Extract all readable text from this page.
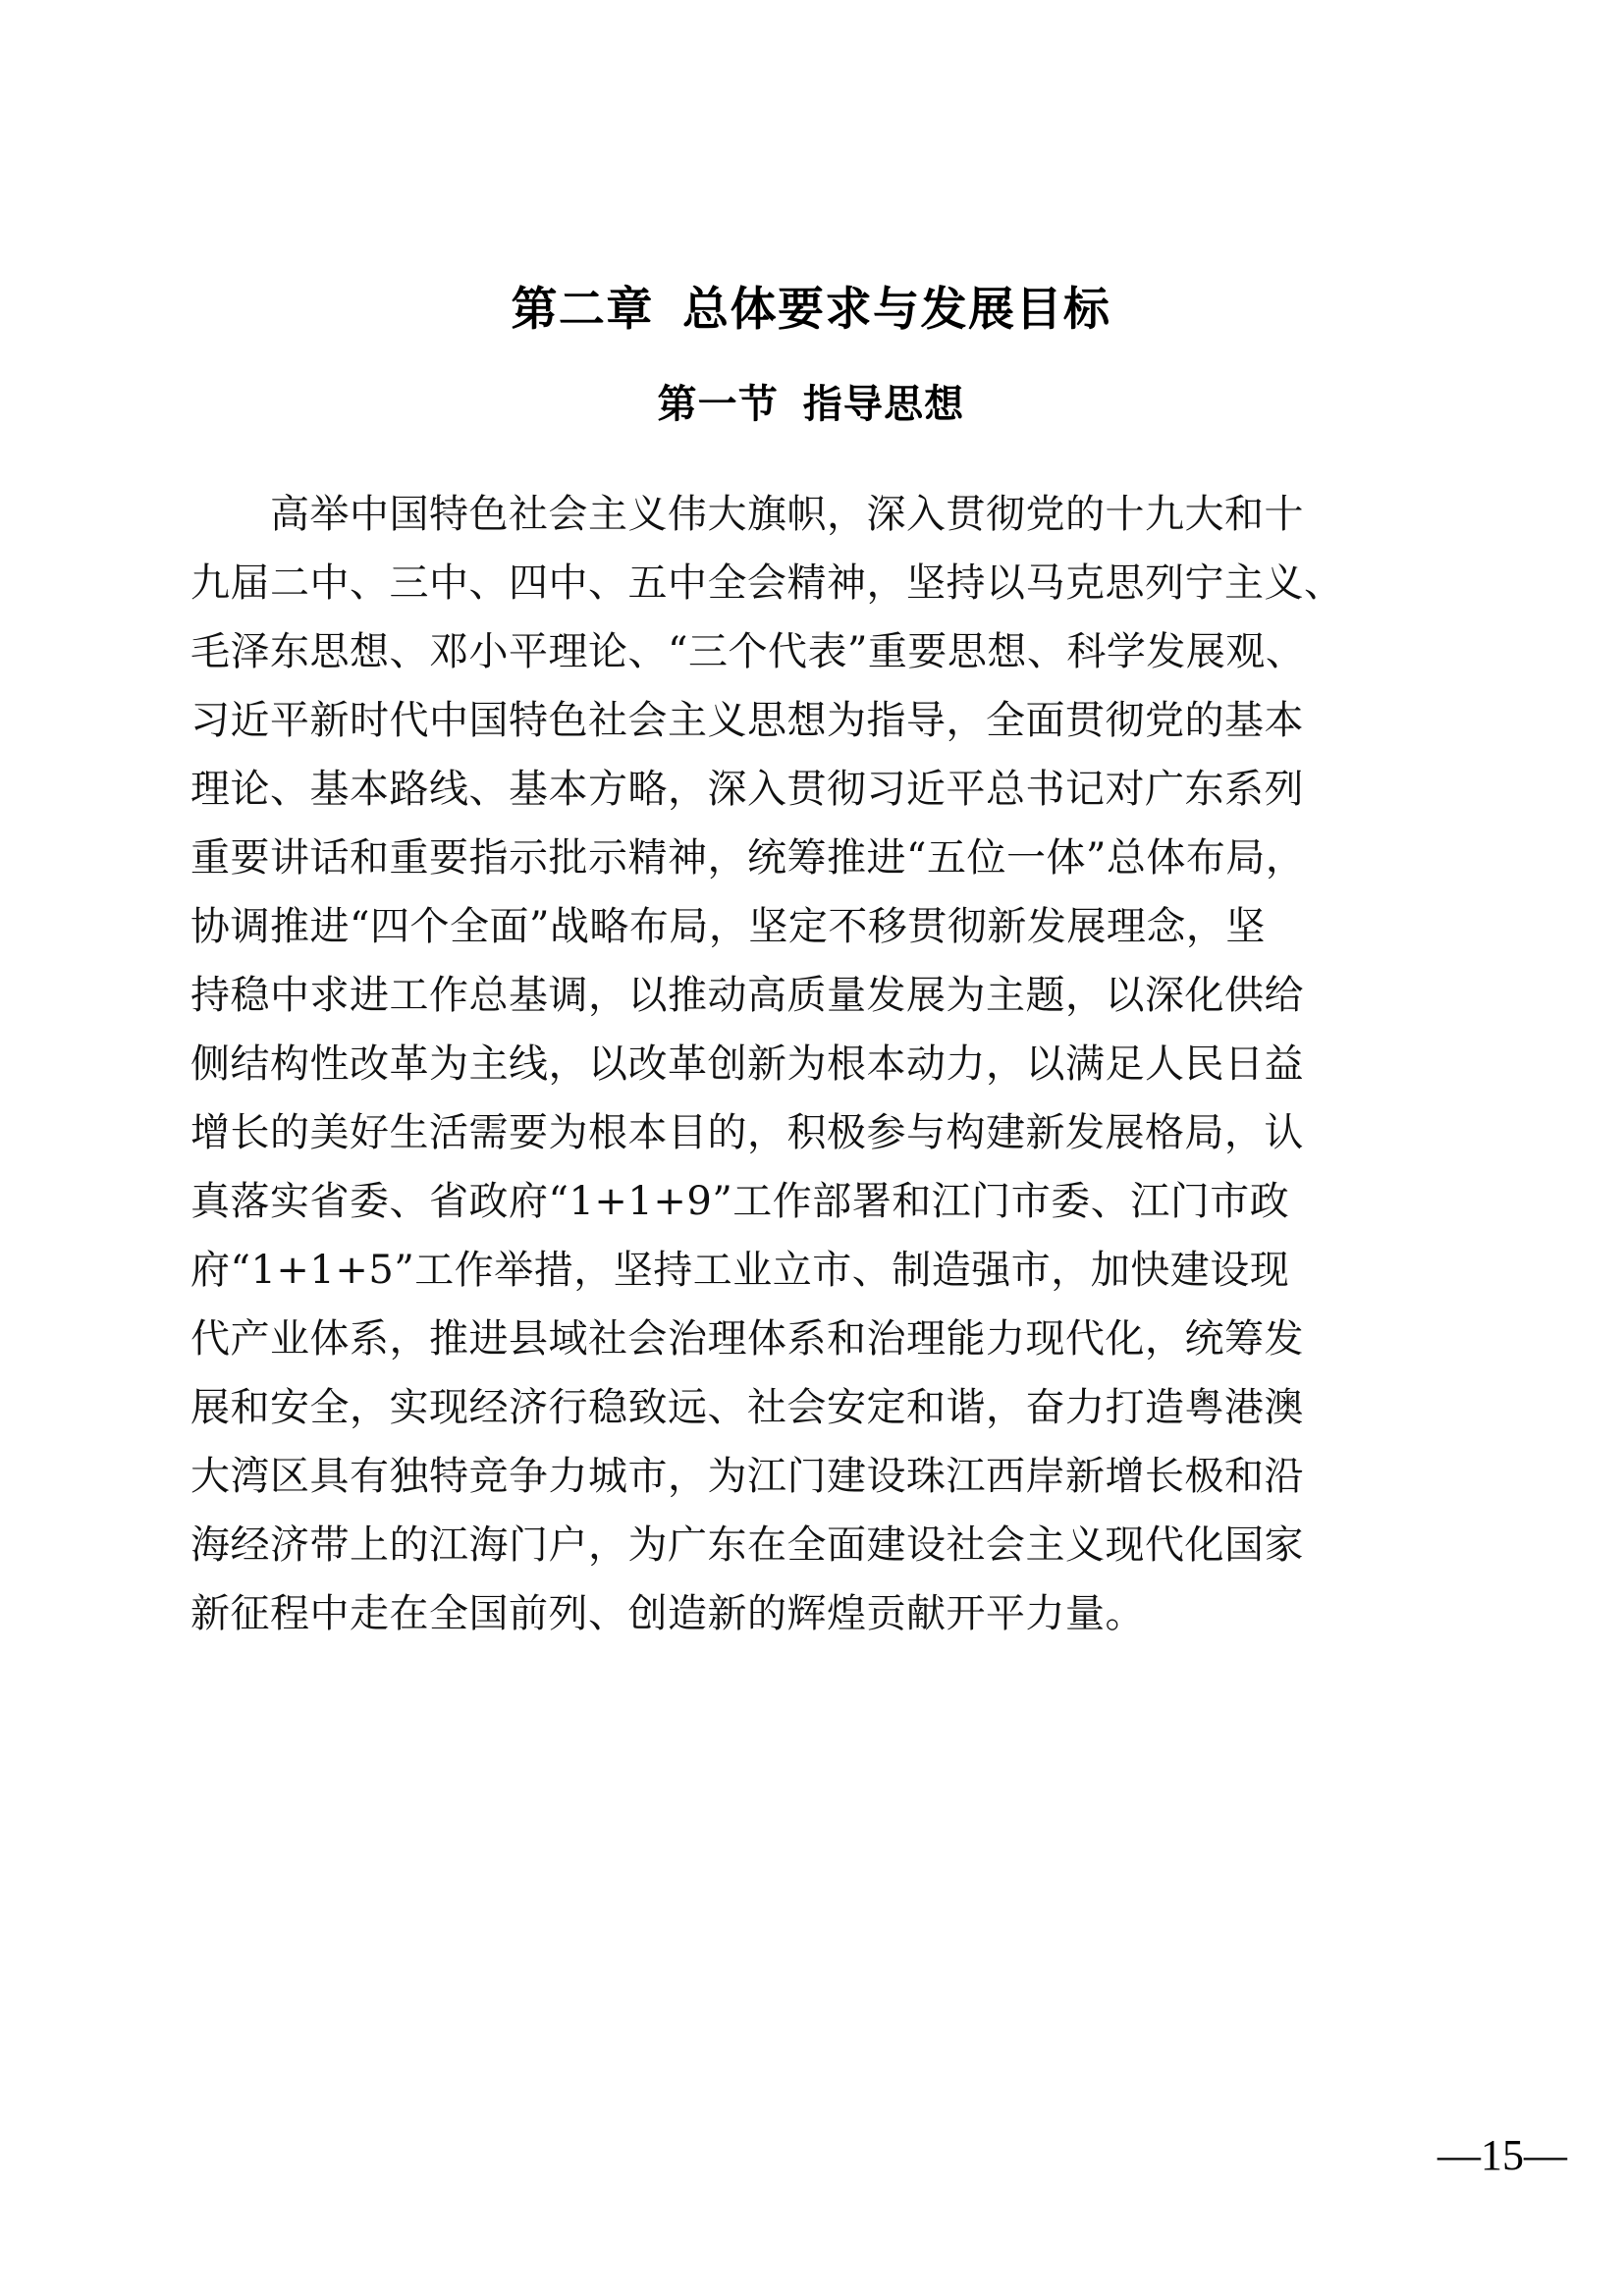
第二章  总体要求与发展目标
第一节  指导思想
　　高举中国特色社会主义伟大旗帜，深入贯彻党的十九大和十
九届二中、三中、四中、五中全会精神，坚持以马克思列宁主义、
毛泽东思想、邓小平理论、“三个代表”重要思想、科学发展观、
习近平新时代中国特色社会主义思想为指导，全面贯彻党的基本
理论、基本路线、基本方略，深入贯彻习近平总书记对广东系列
重要讲话和重要指示批示精神，统筹推进“五位一体”总体布局，
协调推进“四个全面”战略布局，坚定不移贯彻新发展理念，坚
持稳中求进工作总基调，以推动高质量发展为主题，以深化供给
侧结构性改革为主线，以改革创新为根本动力，以满足人民日益
增长的美好生活需要为根本目的，积极参与构建新发展格局，认
真落实省委、省政府“1+1+9”工作部署和江门市委、江门市政
府“1+1+5”工作举措，坚持工业立市、制造强市，加快建设现
代产业体系，推进县域社会治理体系和治理能力现代化，统筹发
展和安全，实现经济行稳致远、社会安定和谐，奋力打造粤港澳
大湾区具有独特竞争力城市，为江门建设珠江西岸新增长极和沿
海经济带上的江海门户，为广东在全面建设社会主义现代化国家
新征程中走在全国前列、创造新的辉煌贡献开平力量。
—15—
